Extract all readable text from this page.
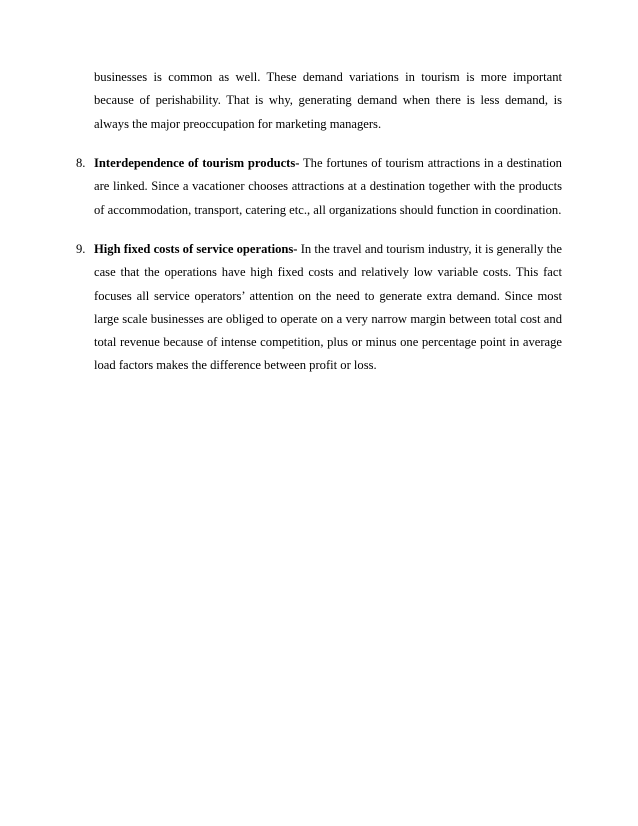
businesses is common as well. These demand variations in tourism is more important because of perishability. That is why, generating demand when there is less demand, is always the major preoccupation for marketing managers.

8. Interdependence of tourism products- The fortunes of tourism attractions in a destination are linked. Since a vacationer chooses attractions at a destination together with the products of accommodation, transport, catering etc., all organizations should function in coordination.

9. High fixed costs of service operations- In the travel and tourism industry, it is generally the case that the operations have high fixed costs and relatively low variable costs. This fact focuses all service operators’ attention on the need to generate extra demand. Since most large scale businesses are obliged to operate on a very narrow margin between total cost and total revenue because of intense competition, plus or minus one percentage point in average load factors makes the difference between profit or loss.
